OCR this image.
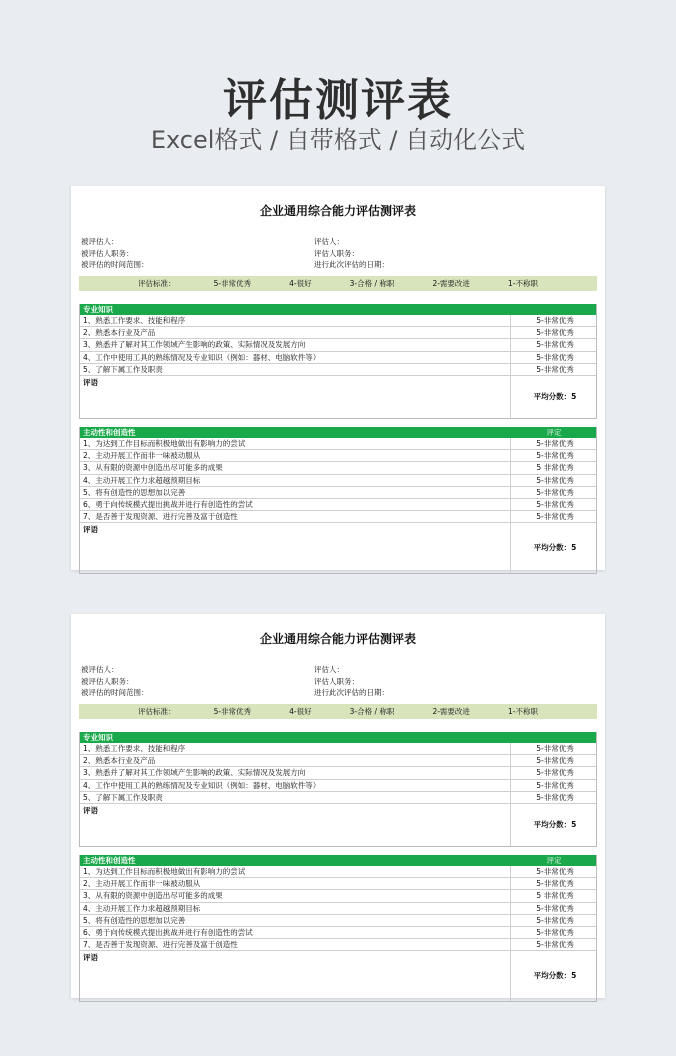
评估测评表
Excel格式 / 自带格式 / 自动化公式
企业通用综合能力评估测评表
被评估人：
被评估人职务：
被评估的时间范围：
评估人：
评估人职务：
进行此次评估的日期：
评估标准：	5-非常优秀	4-很好	3-合格 / 称职	2-需要改进	1-不称职
专业知识
1、熟悉工作要求、技能和程序	5-非常优秀
2、熟悉本行业及产品	5-非常优秀
3、熟悉并了解对其工作领域产生影响的政策、实际情况及发展方向	5-非常优秀
4、工作中使用工具的熟练情况及专业知识（例如：器材、电脑软件等）	5-非常优秀
5、了解下属工作及职责	5-非常优秀
评语
平均分数：5
主动性和创造性	评定
1、为达到工作目标而积极地做出有影响力的尝试	5-非常优秀
2、主动开展工作而非一味被动服从	5-非常优秀
3、从有限的资源中创造出尽可能多的成果	5 非常优秀
4、主动开展工作力求超越预期目标	5-非常优秀
5、将有创造性的思想加以完善	5-非常优秀
6、勇于向传统模式提出挑战并进行有创造性的尝试	5-非常优秀
7、是否善于发现资源、进行完善及富于创造性	5-非常优秀
评语
平均分数：5
企业通用综合能力评估测评表
被评估人：
被评估人职务：
被评估的时间范围：
评估人：
评估人职务：
进行此次评估的日期：
评估标准：	5-非常优秀	4-很好	3-合格 / 称职	2-需要改进	1-不称职
专业知识
1、熟悉工作要求、技能和程序	5-非常优秀
2、熟悉本行业及产品	5-非常优秀
3、熟悉并了解对其工作领域产生影响的政策、实际情况及发展方向	5-非常优秀
4、工作中使用工具的熟练情况及专业知识（例如：器材、电脑软件等）	5-非常优秀
5、了解下属工作及职责	5-非常优秀
评语
平均分数：5
主动性和创造性	评定
1、为达到工作目标而积极地做出有影响力的尝试	5-非常优秀
2、主动开展工作而非一味被动服从	5-非常优秀
3、从有限的资源中创造出尽可能多的成果	5 非常优秀
4、主动开展工作力求超越预期目标	5-非常优秀
5、将有创造性的思想加以完善	5-非常优秀
6、勇于向传统模式提出挑战并进行有创造性的尝试	5-非常优秀
7、是否善于发现资源、进行完善及富于创造性	5-非常优秀
评语
平均分数：5
